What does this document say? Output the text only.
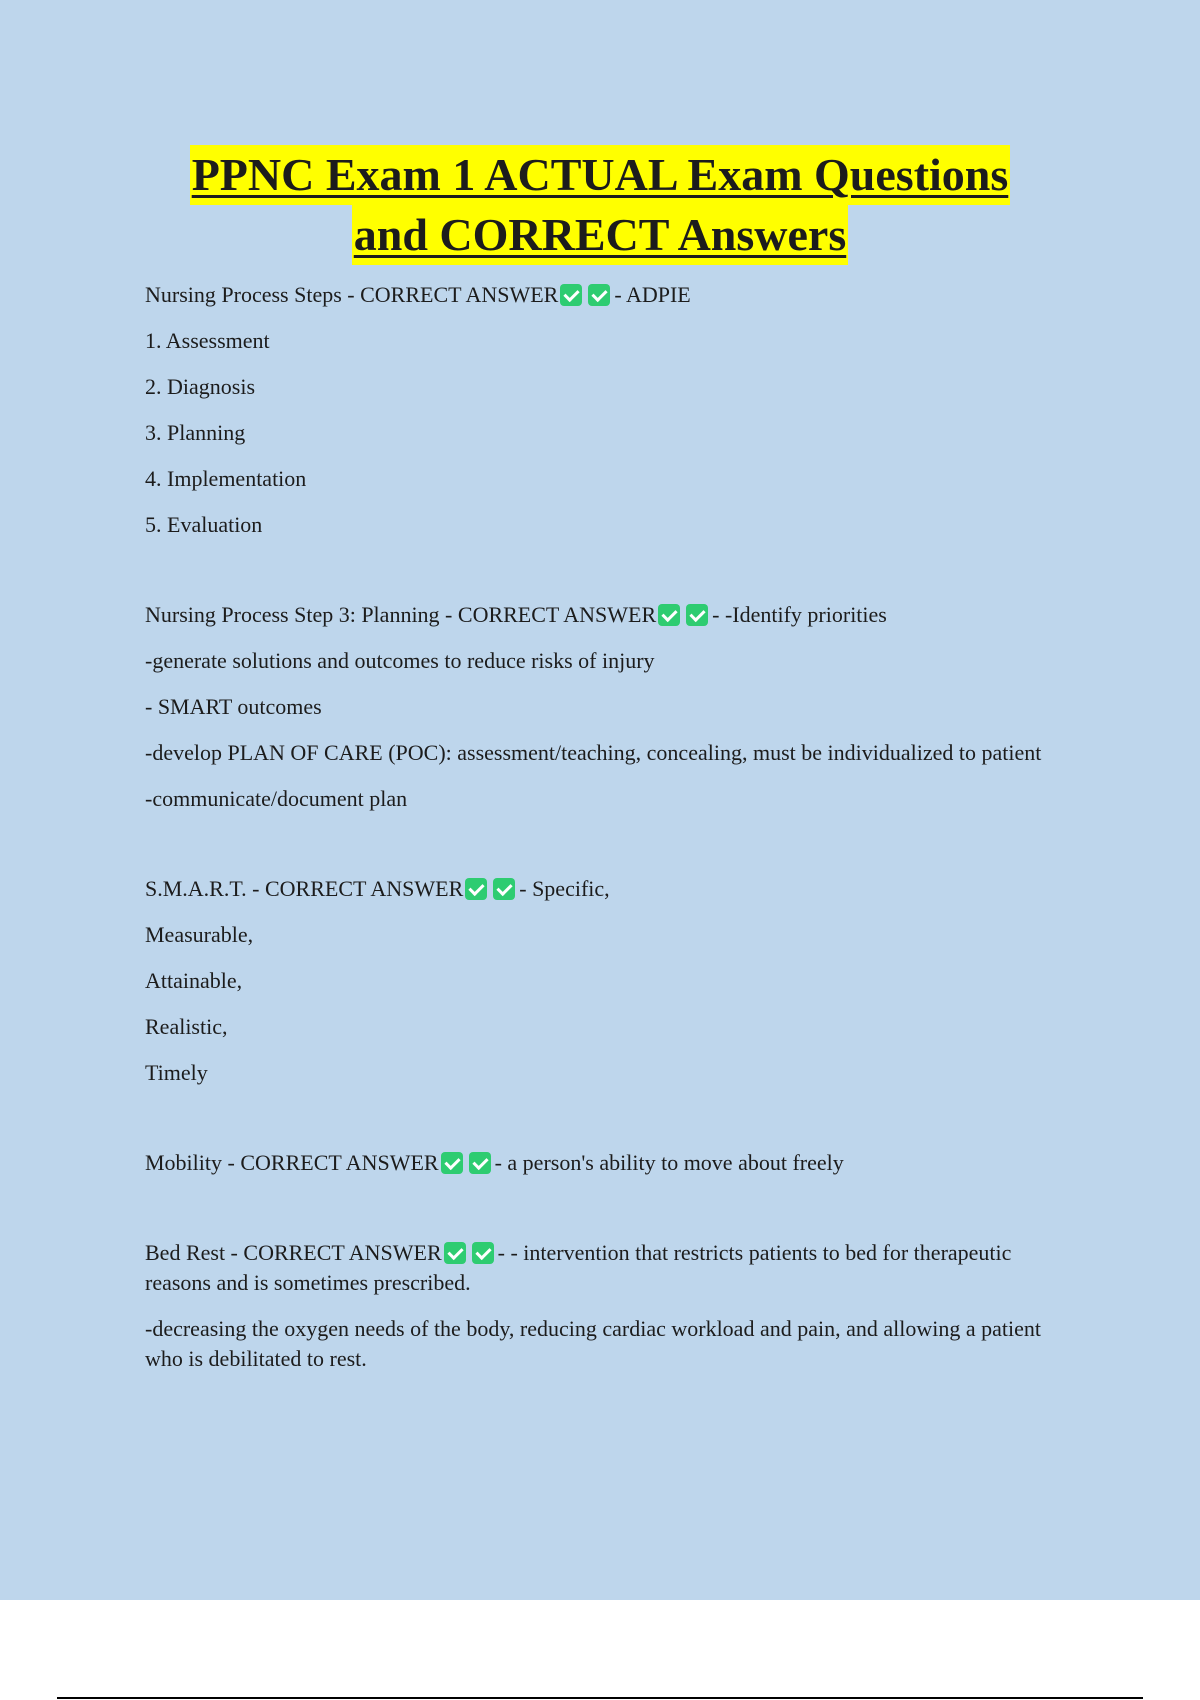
PPNC Exam 1 ACTUAL Exam Questions
and CORRECT Answers
Nursing Process Steps - CORRECT ANSWER	- ADPIE
1. Assessment
2. Diagnosis
3. Planning
4. Implementation
5. Evaluation
Nursing Process Step 3: Planning - CORRECT ANSWER	- -Identify priorities
-generate solutions and outcomes to reduce risks of injury
- SMART outcomes
-develop PLAN OF CARE (POC): assessment/teaching, concealing, must be individualized to patient
-communicate/document plan
S.M.A.R.T. - CORRECT ANSWER	- Specific,
Measurable,
Attainable,
Realistic,
Timely
Mobility - CORRECT ANSWER	- a person's ability to move about freely
Bed Rest - CORRECT ANSWER	- - intervention that restricts patients to bed for therapeutic reasons and is sometimes prescribed.
-decreasing the oxygen needs of the body, reducing cardiac workload and pain, and allowing a patient who is debilitated to rest.
